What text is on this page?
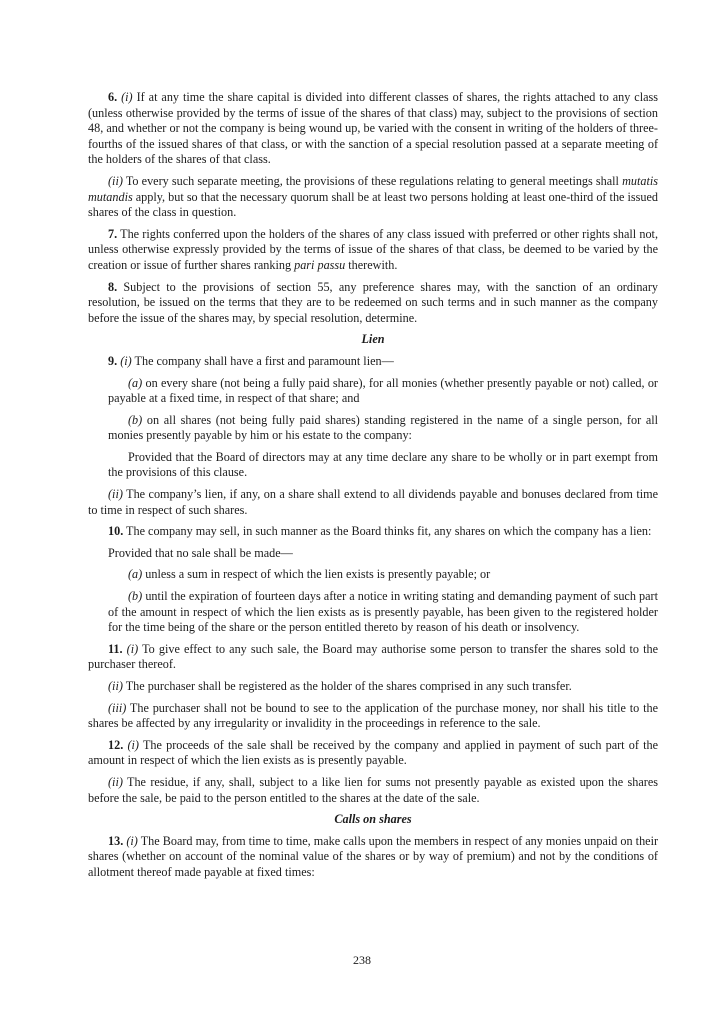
6. (i) If at any time the share capital is divided into different classes of shares, the rights attached to any class (unless otherwise provided by the terms of issue of the shares of that class) may, subject to the provisions of section 48, and whether or not the company is being wound up, be varied with the consent in writing of the holders of three-fourths of the issued shares of that class, or with the sanction of a special resolution passed at a separate meeting of the holders of the shares of that class.

(ii) To every such separate meeting, the provisions of these regulations relating to general meetings shall mutatis mutandis apply, but so that the necessary quorum shall be at least two persons holding at least one-third of the issued shares of the class in question.

7. The rights conferred upon the holders of the shares of any class issued with preferred or other rights shall not, unless otherwise expressly provided by the terms of issue of the shares of that class, be deemed to be varied by the creation or issue of further shares ranking pari passu therewith.

8. Subject to the provisions of section 55, any preference shares may, with the sanction of an ordinary resolution, be issued on the terms that they are to be redeemed on such terms and in such manner as the company before the issue of the shares may, by special resolution, determine.

Lien

9. (i) The company shall have a first and paramount lien—

(a) on every share (not being a fully paid share), for all monies (whether presently payable or not) called, or payable at a fixed time, in respect of that share; and

(b) on all shares (not being fully paid shares) standing registered in the name of a single person, for all monies presently payable by him or his estate to the company:

Provided that the Board of directors may at any time declare any share to be wholly or in part exempt from the provisions of this clause.

(ii) The company’s lien, if any, on a share shall extend to all dividends payable and bonuses declared from time to time in respect of such shares.

10. The company may sell, in such manner as the Board thinks fit, any shares on which the company has a lien:

Provided that no sale shall be made—

(a) unless a sum in respect of which the lien exists is presently payable; or

(b) until the expiration of fourteen days after a notice in writing stating and demanding payment of such part of the amount in respect of which the lien exists as is presently payable, has been given to the registered holder for the time being of the share or the person entitled thereto by reason of his death or insolvency.

11. (i) To give effect to any such sale, the Board may authorise some person to transfer the shares sold to the purchaser thereof.

(ii) The purchaser shall be registered as the holder of the shares comprised in any such transfer.

(iii) The purchaser shall not be bound to see to the application of the purchase money, nor shall his title to the shares be affected by any irregularity or invalidity in the proceedings in reference to the sale.

12. (i) The proceeds of the sale shall be received by the company and applied in payment of such part of the amount in respect of which the lien exists as is presently payable.

(ii) The residue, if any, shall, subject to a like lien for sums not presently payable as existed upon the shares before the sale, be paid to the person entitled to the shares at the date of the sale.

Calls on shares

13. (i) The Board may, from time to time, make calls upon the members in respect of any monies unpaid on their shares (whether on account of the nominal value of the shares or by way of premium) and not by the conditions of allotment thereof made payable at fixed times:

238
